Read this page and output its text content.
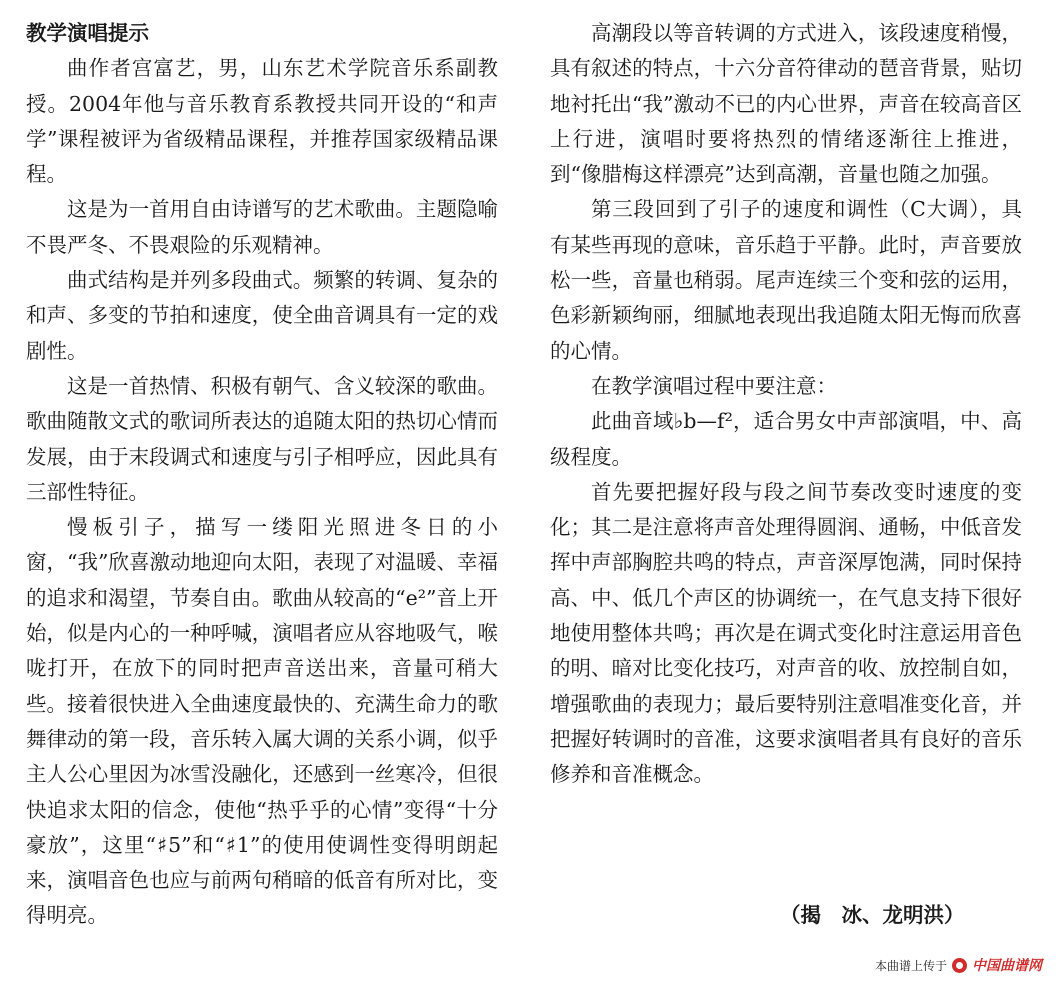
教学演唱提示

曲作者宫富艺，男，山东艺术学院音乐系副教授。2004年他与音乐教育系教授共同开设的“和声学”课程被评为省级精品课程，并推荐国家级精品课程。

这是为一首用自由诗谱写的艺术歌曲。主题隐喻不畏严冬、不畏艰险的乐观精神。

曲式结构是并列多段曲式。频繁的转调、复杂的和声、多变的节拍和速度，使全曲音调具有一定的戏剧性。

这是一首热情、积极有朝气、含义较深的歌曲。歌曲随散文式的歌词所表达的追随太阳的热切心情而发展，由于末段调式和速度与引子相呼应，因此具有三部性特征。

慢板引子，描写一缕阳光照进冬日的小窗，“我”欣喜激动地迎向太阳，表现了对温暖、幸福的追求和渴望，节奏自由。歌曲从较高的“e²”音上开始，似是内心的一种呼喊，演唱者应从容地吸气，喉咙打开，在放下的同时把声音送出来，音量可稍大些。接着很快进入全曲速度最快的、充满生命力的歌舞律动的第一段，音乐转入属大调的关系小调，似乎主人公心里因为冰雪没融化，还感到一丝寒冷，但很快追求太阳的信念，使他“热乎乎的心情”变得“十分豪放”，这里“♯5”和“♯1”的使用使调性变得明朗起来，演唱音色也应与前两句稍暗的低音有所对比，变得明亮。

高潮段以等音转调的方式进入，该段速度稍慢，具有叙述的特点，十六分音符律动的琶音背景，贴切地衬托出“我”激动不已的内心世界，声音在较高音区上行进，演唱时要将热烈的情绪逐渐往上推进，到“像腊梅这样漂亮”达到高潮，音量也随之加强。

第三段回到了引子的速度和调性（C大调），具有某些再现的意味，音乐趋于平静。此时，声音要放松一些，音量也稍弱。尾声连续三个变和弦的运用，色彩新颖绚丽，细腻地表现出我追随太阳无悔而欣喜的心情。

在教学演唱过程中要注意：

此曲音域♭b—f²，适合男女中声部演唱，中、高级程度。

首先要把握好段与段之间节奏改变时速度的变化；其二是注意将声音处理得圆润、通畅，中低音发挥中声部胸腔共鸣的特点，声音深厚饱满，同时保持高、中、低几个声区的协调统一，在气息支持下很好地使用整体共鸣；再次是在调式变化时注意运用音色的明、暗对比变化技巧，对声音的收、放控制自如，增强歌曲的表现力；最后要特别注意唱准变化音，并把握好转调时的音准，这要求演唱者具有良好的音乐修养和音准概念。

（揭　冰、龙明洪）
本曲谱上传于 中国曲谱网
